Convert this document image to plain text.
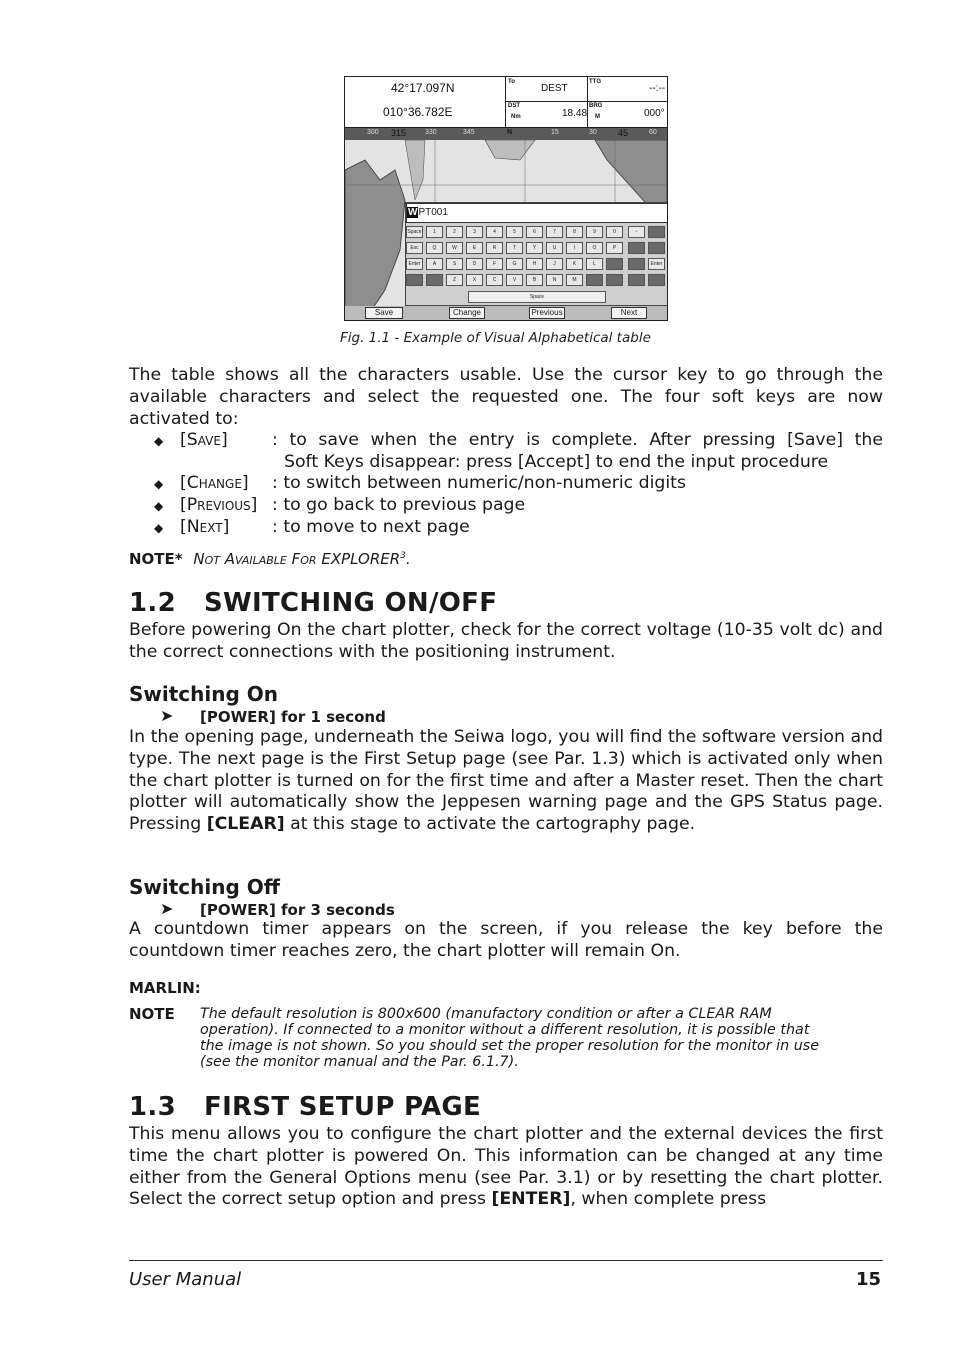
42°17.097N
010°36.782E
To
DEST
TTG
--:--
DST
Nm	18.48
BRG
M	000°
300 315	330	345	N	15	30 45	60
WPT001
Space	1	2	3	4	5	6	7	8	9	0	-
Esc	Q	W	E	R	T	Y	U	I	O	P
Enter	A	S	D	F	G	H	J	K	L	Enter
Z	X	C	V	B	N	M
Space
Save	Change	Previous	Next
Fig. 1.1 - Example of Visual Alphabetical table
The table shows all the characters usable. Use the cursor key to go through the available characters and select the requested one. The four soft keys are now activated to:
◆ [Save]	: to save when the entry is complete. After pressing [Save] the
Soft Keys disappear: press [Accept] to end the input procedure
◆ [Change] : to switch between numeric/non-numeric digits
◆ [Previous] : to go back to previous page
◆ [Next] : to move to next page
NOTE* Not Available For EXPLORER$^3$.
1.2   SWITCHING ON/OFF
Before powering On the chart plotter, check for the correct voltage (10-35 volt dc) and the correct connections with the positioning instrument.
Switching On
➤ [POWER] for 1 second
In the opening page, underneath the Seiwa logo, you will find the software version and type. The next page is the First Setup page (see Par. 1.3) which is activated only when the chart plotter is turned on for the first time and after a Master reset. Then the chart plotter will automatically show the Jeppesen warning page and the GPS Status page. Pressing [CLEAR] at this stage to activate the cartography page.
Switching Off
➤ [POWER] for 3 seconds
A countdown timer appears on the screen, if you release the key before the countdown timer reaches zero, the chart plotter will remain On.
MARLIN:
NOTE The default resolution is 800x600 (manufactory condition or after a CLEAR RAM operation). If connected to a monitor without a different resolution, it is possible that the image is not shown. So you should set the proper resolution for the monitor in use (see the monitor manual and the Par. 6.1.7).
1.3   FIRST SETUP PAGE
This menu allows you to configure the chart plotter and the external devices the first time the chart plotter is powered On. This information can be changed at any time either from the General Options menu (see Par. 3.1) or by resetting the chart plotter. Select the correct setup option and press [ENTER], when complete press
User Manual	15
